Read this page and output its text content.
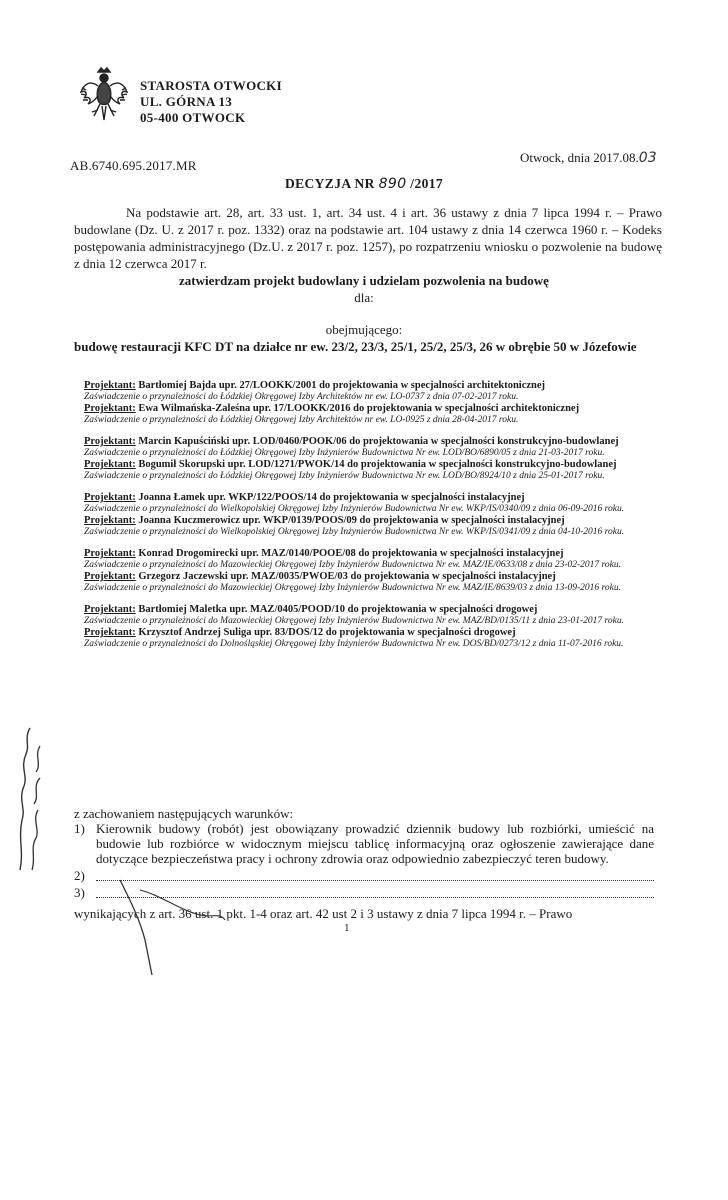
STAROSTA OTWOCKI
UL. GÓRNA 13
05-400 OTWOCK
AB.6740.695.2017.MR
Otwock, dnia 2017.08.03
DECYZJA NR 890 /2017

Na podstawie art. 28, art. 33 ust. 1, art. 34 ust. 4 i art. 36 ustawy z dnia 7 lipca 1994 r. – Prawo budowlane (Dz. U. z 2017 r. poz. 1332) oraz na podstawie art. 104 ustawy z dnia 14 czerwca 1960 r. – Kodeks postępowania administracyjnego (Dz.U. z 2017 r. poz. 1257), po rozpatrzeniu wniosku o pozwolenie na budowę z dnia 12 czerwca 2017 r.

zatwierdzam projekt budowlany i udzielam pozwolenia na budowę
dla:
obejmującego:
budowę restauracji KFC DT na działce nr ew. 23/2, 23/3, 25/1, 25/2, 25/3, 26 w obrębie 50 w Józefowie
Projektant: Bartłomiej Bajda upr. 27/LOOKK/2001 do projektowania w specjalności architektonicznej
Zaświadczenie o przynależności do Łódzkiej Okręgowej Izby Architektów nr ew. LO-0737 z dnia 07-02-2017 roku.
Projektant: Ewa Wilmańska-Zaleśna upr. 17/LOOKK/2016 do projektowania w specjalności architektonicznej
Zaświadczenie o przynależności do Łódzkiej Okręgowej Izby Architektów nr ew. LO-0925 z dnia 28-04-2017 roku.
Projektant: Marcin Kapuściński upr. LOD/0460/POOK/06 do projektowania w specjalności konstrukcyjno-budowlanej
Zaświadczenie o przynależności do Łódzkiej Okręgowej Izby Inżynierów Budownictwa Nr ew. LOD/BO/6890/05 z dnia 21-03-2017 roku.
Projektant: Bogumił Skorupski upr. LOD/1271/PWOK/14 do projektowania w specjalności konstrukcyjno-budowlanej
Zaświadczenie o przynależności do Łódzkiej Okręgowej Izby Inżynierów Budownictwa Nr ew. LOD/BO/8924/10 z dnia 25-01-2017 roku.
Projektant: Joanna Łamek upr. WKP/122/POOS/14 do projektowania w specjalności instalacyjnej
Zaświadczenie o przynależności do Wielkopolskiej Okręgowej Izby Inżynierów Budownictwa Nr ew. WKP/IS/0340/09 z dnia 06-09-2016 roku.
Projektant: Joanna Kuczmerowicz upr. WKP/0139/POOS/09 do projektowania w specjalności instalacyjnej
Zaświadczenie o przynależności do Wielkopolskiej Okręgowej Izby Inżynierów Budownictwa Nr ew. WKP/IS/0341/09 z dnia 04-10-2016 roku.
Projektant: Konrad Drogomirecki upr. MAZ/0140/POOE/08 do projektowania w specjalności instalacyjnej
Zaświadczenie o przynależności do Mazowieckiej Okręgowej Izby Inżynierów Budownictwa Nr ew. MAZ/IE/0633/08 z dnia 23-02-2017 roku.
Projektant: Grzegorz Jaczewski upr. MAZ/0035/PWOE/03 do projektowania w specjalności instalacyjnej
Zaświadczenie o przynależności do Mazowieckiej Okręgowej Izby Inżynierów Budownictwa Nr ew. MAZ/IE/8639/03 z dnia 13-09-2016 roku.
Projektant: Bartłomiej Maletka upr. MAZ/0405/POOD/10 do projektowania w specjalności drogowej
Zaświadczenie o przynależności do Mazowieckiej Okręgowej Izby Inżynierów Budownictwa Nr ew. MAZ/BD/0135/11 z dnia 23-01-2017 roku.
Projektant: Krzysztof Andrzej Suliga upr. 83/DOS/12 do projektowania w specjalności drogowej
Zaświadczenie o przynależności do Dolnośląskiej Okręgowej Izby Inżynierów Budownictwa Nr ew. DOS/BD/0273/12 z dnia 11-07-2016 roku.

z zachowaniem następujących warunków:

1) Kierownik budowy (robót) jest obowiązany prowadzić dziennik budowy lub rozbiórki, umieścić na budowie lub rozbiórce w widocznym miejscu tablicę informacyjną oraz ogłoszenie zawierające dane dotyczące bezpieczeństwa pracy i ochrony zdrowia oraz odpowiednio zabezpieczyć teren budowy.
2)
3)
wynikających z art. 36 ust. 1 pkt. 1-4 oraz art. 42 ust 2 i 3 ustawy z dnia 7 lipca 1994 r. – Prawo
1
